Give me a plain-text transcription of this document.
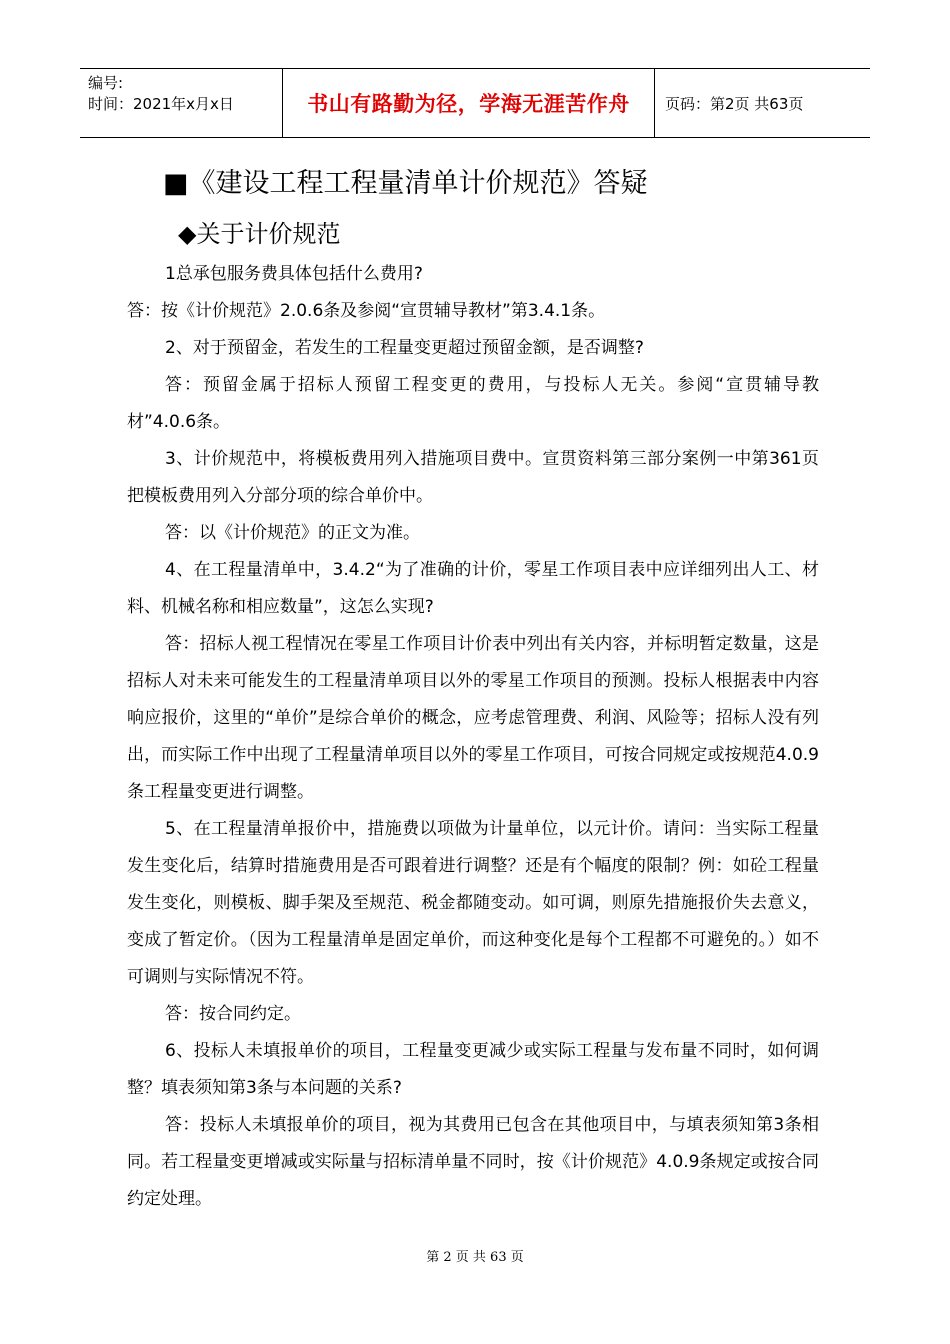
编号:
时间：2021年x月x日	书山有路勤为径，学海无涯苦作舟	页码：第2页 共63页
■《建设工程工程量清单计价规范》答疑
◆关于计价规范

1总承包服务费具体包括什么费用?

答：按《计价规范》2.0.6条及参阅“宣贯辅导教材”第3.4.1条。

2、对于预留金，若发生的工程量变更超过预留金额，是否调整?

答：预留金属于招标人预留工程变更的费用，与投标人无关。参阅“宣贯辅导教材”4.0.6条。

3、计价规范中，将模板费用列入措施项目费中。宣贯资料第三部分案例一中第361页把模板费用列入分部分项的综合单价中。

答：以《计价规范》的正文为准。

4、在工程量清单中，3.4.2“为了准确的计价，零星工作项目表中应详细列出人工、材料、机械名称和相应数量”，这怎么实现?

答：招标人视工程情况在零星工作项目计价表中列出有关内容，并标明暂定数量，这是招标人对未来可能发生的工程量清单项目以外的零星工作项目的预测。投标人根据表中内容响应报价，这里的“单价”是综合单价的概念，应考虑管理费、利润、风险等；招标人没有列出，而实际工作中出现了工程量清单项目以外的零星工作项目，可按合同规定或按规范4.0.9条工程量变更进行调整。

5、在工程量清单报价中，措施费以项做为计量单位，以元计价。请问：当实际工程量发生变化后，结算时措施费用是否可跟着进行调整？还是有个幅度的限制？例：如砼工程量发生变化，则模板、脚手架及至规范、税金都随变动。如可调，则原先措施报价失去意义，变成了暂定价。（因为工程量清单是固定单价，而这种变化是每个工程都不可避免的。）如不可调则与实际情况不符。

答：按合同约定。

6、投标人未填报单价的项目，工程量变更减少或实际工程量与发布量不同时，如何调整？填表须知第3条与本问题的关系?

答：投标人未填报单价的项目，视为其费用已包含在其他项目中，与填表须知第3条相同。若工程量变更增减或实际量与招标清单量不同时，按《计价规范》4.0.9条规定或按合同约定处理。

第 2 页 共 63 页
